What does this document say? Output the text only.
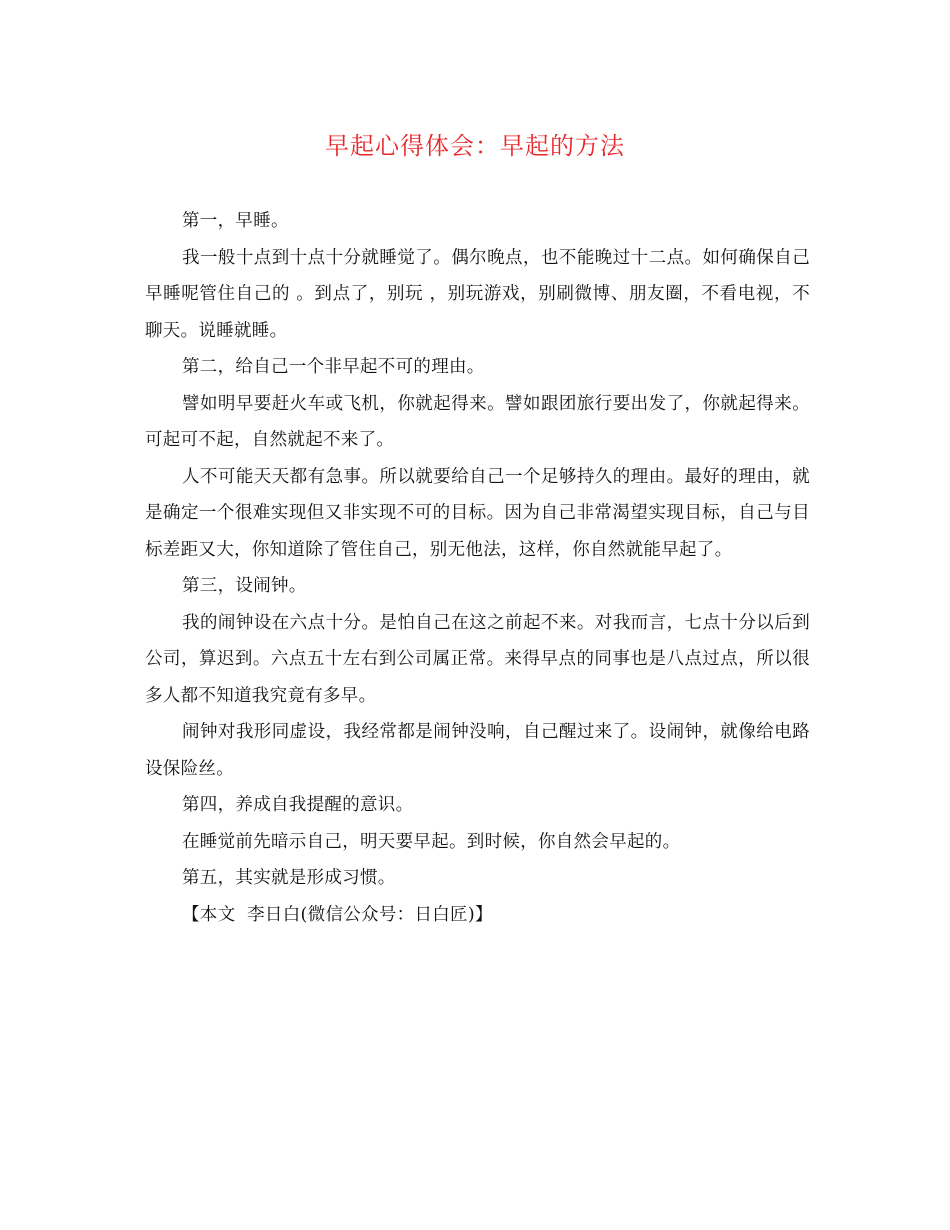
早起心得体会：早起的方法

第一，早睡。

我一般十点到十点十分就睡觉了。偶尔晚点，也不能晚过十二点。如何确保自己早睡呢管住自己的 。到点了，别玩 ，别玩游戏，别刷微博、朋友圈，不看电视，不聊天。说睡就睡。

第二，给自己一个非早起不可的理由。

譬如明早要赶火车或飞机，你就起得来。譬如跟团旅行要出发了，你就起得来。可起可不起，自然就起不来了。

人不可能天天都有急事。所以就要给自己一个足够持久的理由。最好的理由，就是确定一个很难实现但又非实现不可的目标。因为自己非常渴望实现目标，自己与目标差距又大，你知道除了管住自己，别无他法，这样，你自然就能早起了。

第三，设闹钟。

我的闹钟设在六点十分。是怕自己在这之前起不来。对我而言，七点十分以后到公司，算迟到。六点五十左右到公司属正常。来得早点的同事也是八点过点，所以很多人都不知道我究竟有多早。

闹钟对我形同虚设，我经常都是闹钟没响，自己醒过来了。设闹钟，就像给电路设保险丝。

第四，养成自我提醒的意识。

在睡觉前先暗示自己，明天要早起。到时候，你自然会早起的。

第五，其实就是形成习惯。

【本文  李日白(微信公众号：日白匠)】
